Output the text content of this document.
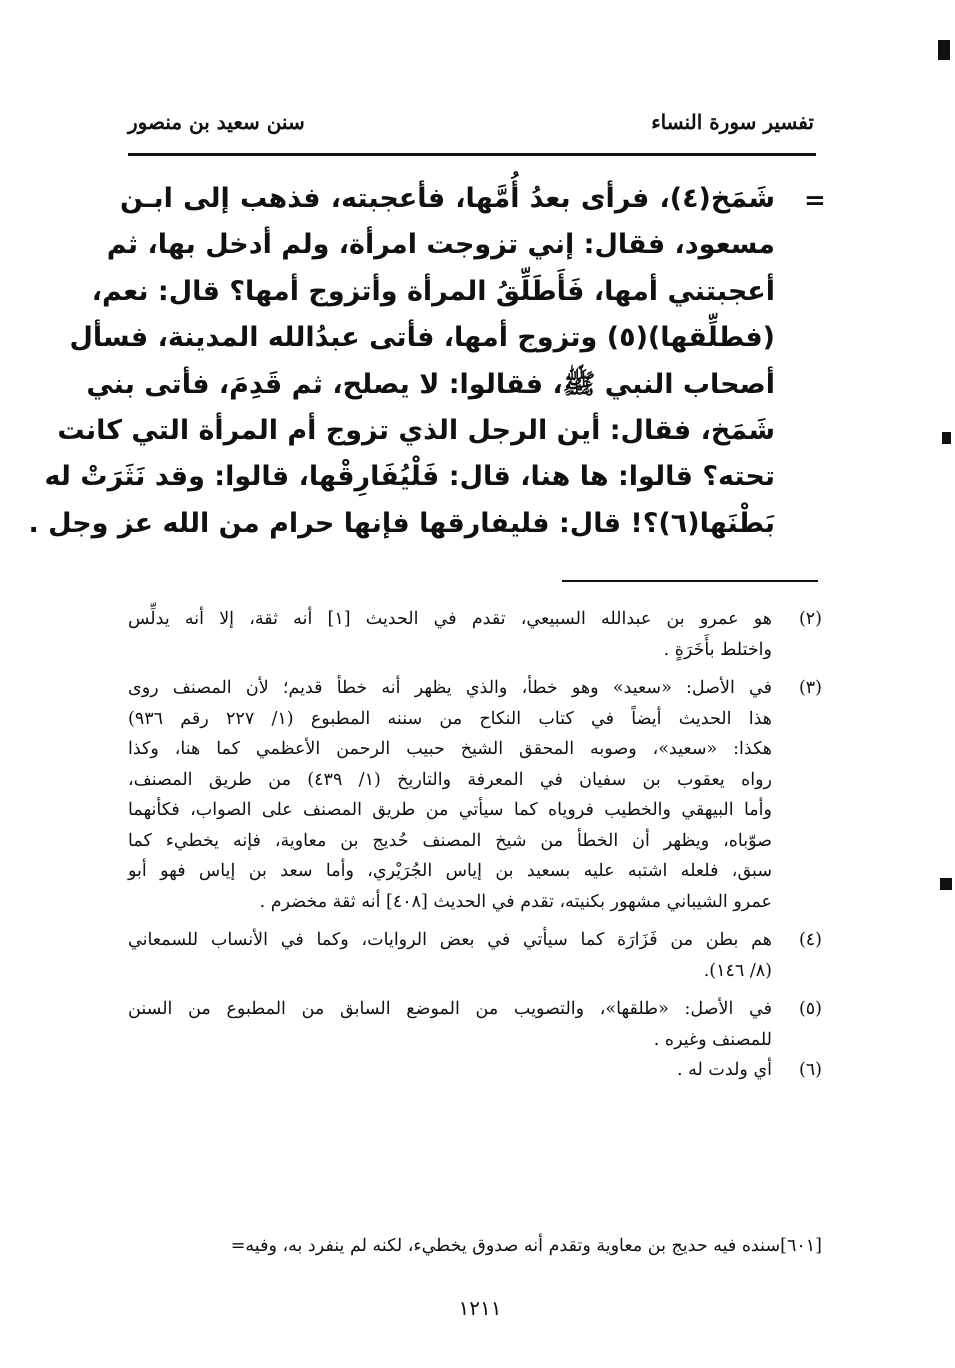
تفسير سورة النساء
سنن سعيد بن منصور
=
شَمَخ(٤)، فرأى بعدُ أُمَّها، فأعجبته، فذهب إلى ابـن
مسعود، فقال: إني تزوجت امرأة، ولم أدخل بها، ثم
أعجبتني أمها، فَأَطَلِّقُ المرأة وأتزوج أمها؟ قال: نعم،
(فطلِّقها)(٥) وتزوج أمها، فأتى عبدُالله المدينة، فسأل
أصحاب النبي ﷺ، فقالوا: لا يصلح، ثم قَدِمَ، فأتى بني
شَمَخ، فقال: أين الرجل الذي تزوج أم المرأة التي كانت
تحته؟ قالوا: ها هنا، قال: فَلْيُفَارِقْها، قالوا: وقد نَثَرَتْ له
بَطْنَها(٦)؟! قال: فليفارقها فإنها حرام من الله عز وجل .
(٢)
هو عمرو بن عبدالله السبيعي، تقدم في الحديث [١] أنه ثقة، إلا أنه يدلِّس
واختلط بأَخَرَةٍ .
(٣)
في الأصل: «سعيد» وهو خطأ، والذي يظهر أنه خطأ قديم؛ لأن المصنف روى
هذا الحديث أيضاً في كتاب النكاح من سننه المطبوع (١/ ٢٢٧ رقم ٩٣٦)
هكذا: «سعيد»، وصوبه المحقق الشيخ حبيب الرحمن الأعظمي كما هنا، وكذا
رواه يعقوب بن سفيان في المعرفة والتاريخ (١/ ٤٣٩) من طريق المصنف،
وأما البيهقي والخطيب فروياه كما سيأتي من طريق المصنف على الصواب، فكأنهما
صوّباه، ويظهر أن الخطأ من شيخ المصنف حُديج بن معاوية، فإنه يخطيء كما
سبق، فلعله اشتبه عليه بسعيد بن إياس الجُرَيْري، وأما سعد بن إياس فهو أبو
عمرو الشيباني مشهور بكنيته، تقدم في الحديث [٤٠٨] أنه ثقة مخضرم .
(٤)
هم بطن من فَزَارَة كما سيأتي في بعض الروايات، وكما في الأنساب للسمعاني
(٨/ ١٤٦).
(٥)
في الأصل: «طلقها»، والتصويب من الموضع السابق من المطبوع من السنن
للمصنف وغيره .
(٦)
أي ولدت له .
[٦٠١]سنده فيه حديج بن معاوية وتقدم أنه صدوق يخطيء، لكنه لم ينفرد به، وفيه=
١٢١١
